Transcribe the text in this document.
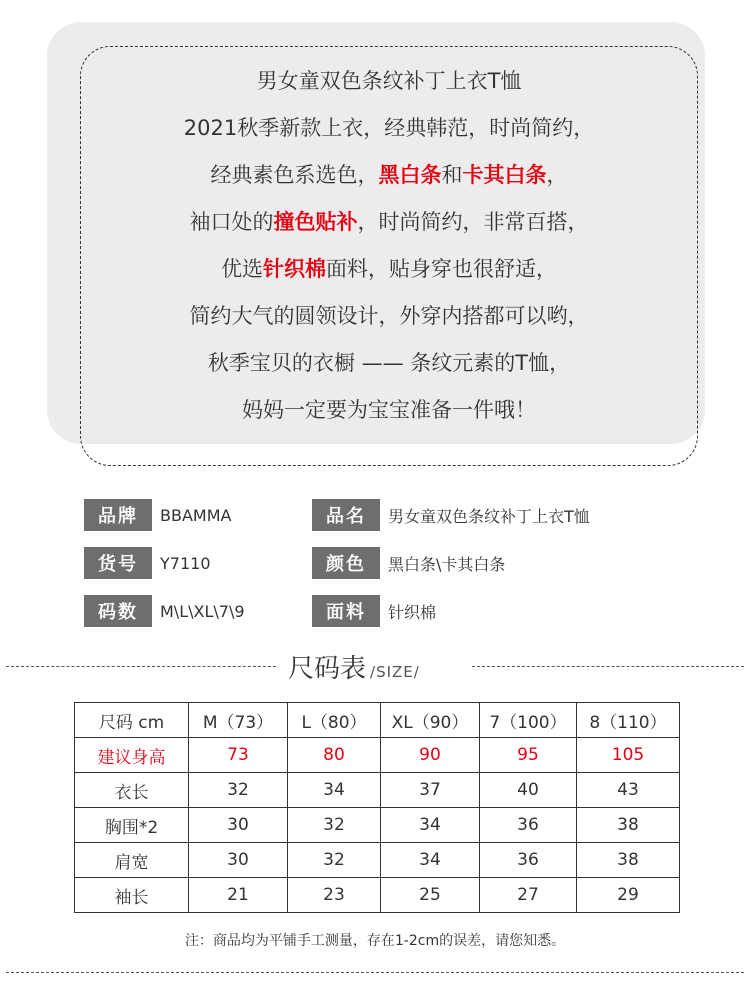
男女童双色条纹补丁上衣T恤
2021秋季新款上衣，经典韩范，时尚简约，
经典素色系选色，黑白条和卡其白条，
袖口处的撞色贴补，时尚简约，非常百搭，
优选针织棉面料，贴身穿也很舒适，
简约大气的圆领设计，外穿内搭都可以哟，
秋季宝贝的衣橱 —— 条纹元素的T恤，
妈妈一定要为宝宝准备一件哦！
品牌	BBAMMA	品名	男女童双色条纹补丁上衣T恤
货号	Y7110	颜色	黑白条\卡其白条
码数	M\L\XL\7\9	面料	针织棉
尺码表 /SIZE/
尺码 cm	M（73）	L（80）	XL（90）	7（100）	8（110）
建议身高	73	80	90	95	105
衣长	32	34	37	40	43
胸围*2	30	32	34	36	38
肩宽	30	32	34	36	38
袖长	21	23	25	27	29
注：商品均为平铺手工测量，存在1-2cm的误差，请您知悉。
